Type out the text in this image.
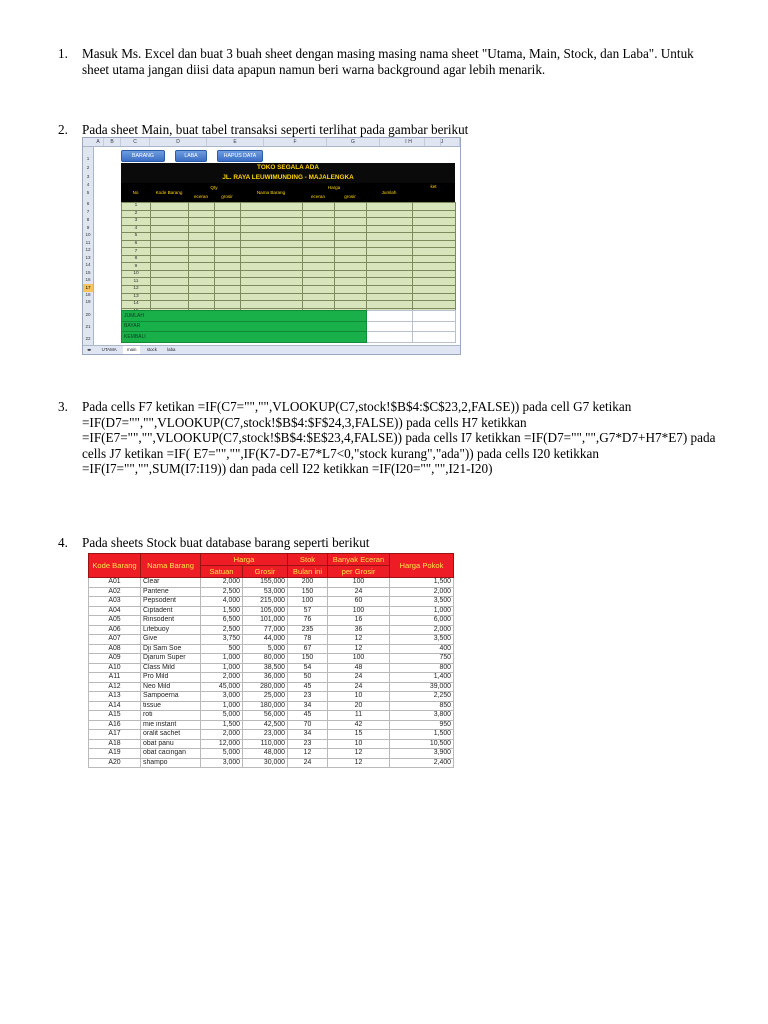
1. Masuk Ms. Excel dan buat 3 buah sheet dengan masing masing nama sheet "Utama, Main, Stock, dan Laba". Untuk sheet utama jangan diisi data apapun namun beri warna background agar lebih menarik.
2. Pada sheet Main, buat tabel transaksi seperti terlihat pada gambar berikut
A	B	C	D	E	F	G	H
I	J
1
2
3
4
5
6
7
8
9
10
11
12
13
14
15
16
17
18
19
20
21
22
BARANG	LABA	HAPUS DATA
TOKO SEGALA ADA
JL. RAYA LEUWIMUNDING - MAJALENGKA
No	Kode Barang	Qty		Nama Barang	Harga		Jumlah	ket
		eceran	grosir		eceran	grosir		
1								
2								
3								
4								
5								
6								
7								
8								
9								
10								
11								
12								
13								
14								

JUMLAH		
BAYAR		
KEMBALI		
◂▸ UTAMA main stock laba
3. Pada cells F7 ketikan =IF(C7="","",VLOOKUP(C7,stock!$B$4:$C$23,2,FALSE)) pada cell G7 ketikan =IF(D7="","",VLOOKUP(C7,stock!$B$4:$F$24,3,FALSE)) pada cells H7 ketikkan =IF(E7="","",VLOOKUP(C7,stock!$B$4:$E$23,4,FALSE)) pada cells I7 ketikkan =IF(D7="","",G7*D7+H7*E7) pada cells J7 ketikan =IF( E7="","",IF(K7-D7-E7*L7<0,"stock kurang","ada")) pada cells I20 ketikkan =IF(I7="","",SUM(I7:I19)) dan pada cell I22 ketikkan =IF(I20="","",I21-I20)
4. Pada sheets Stock buat database barang seperti berikut
Kode Barang	Nama Barang	Harga		Stok	Banyak Eceran	Harga Pokok
		Satuan	Grosir	Bulan ini	per Grosir	
A01	Clear	2,000	155,000	200	100	1,500
A02	Pantene	2,500	53,000	150	24	2,000
A03	Pepsodent	4,000	215,000	100	60	3,500
A04	Ciptadent	1,500	105,000	57	100	1,000
A05	Rinsodent	6,500	101,000	76	16	6,000
A06	Lifebuoy	2,500	77,000	235	36	2,000
A07	Give	3,750	44,000	78	12	3,500
A08	Dji Sam Soe	500	5,000	67	12	400
A09	Djarum Super	1,000	80,000	150	100	750
A10	Class Mild	1,000	38,500	54	48	800
A11	Pro Mild	2,000	36,000	50	24	1,400
A12	Neo Mild	45,000	280,000	45	24	39,000
A13	Sampoerna	3,000	25,000	23	10	2,250
A14	tissue	1,000	180,000	34	20	850
A15	roti	5,000	56,000	45	11	3,800
A16	mie instant	1,500	42,500	70	42	950
A17	oralit sachet	2,000	23,000	34	15	1,500
A18	obat panu	12,000	110,000	23	10	10,500
A19	obat cacingan	5,000	48,000	12	12	3,900
A20	shampo	3,000	30,000	24	12	2,400
